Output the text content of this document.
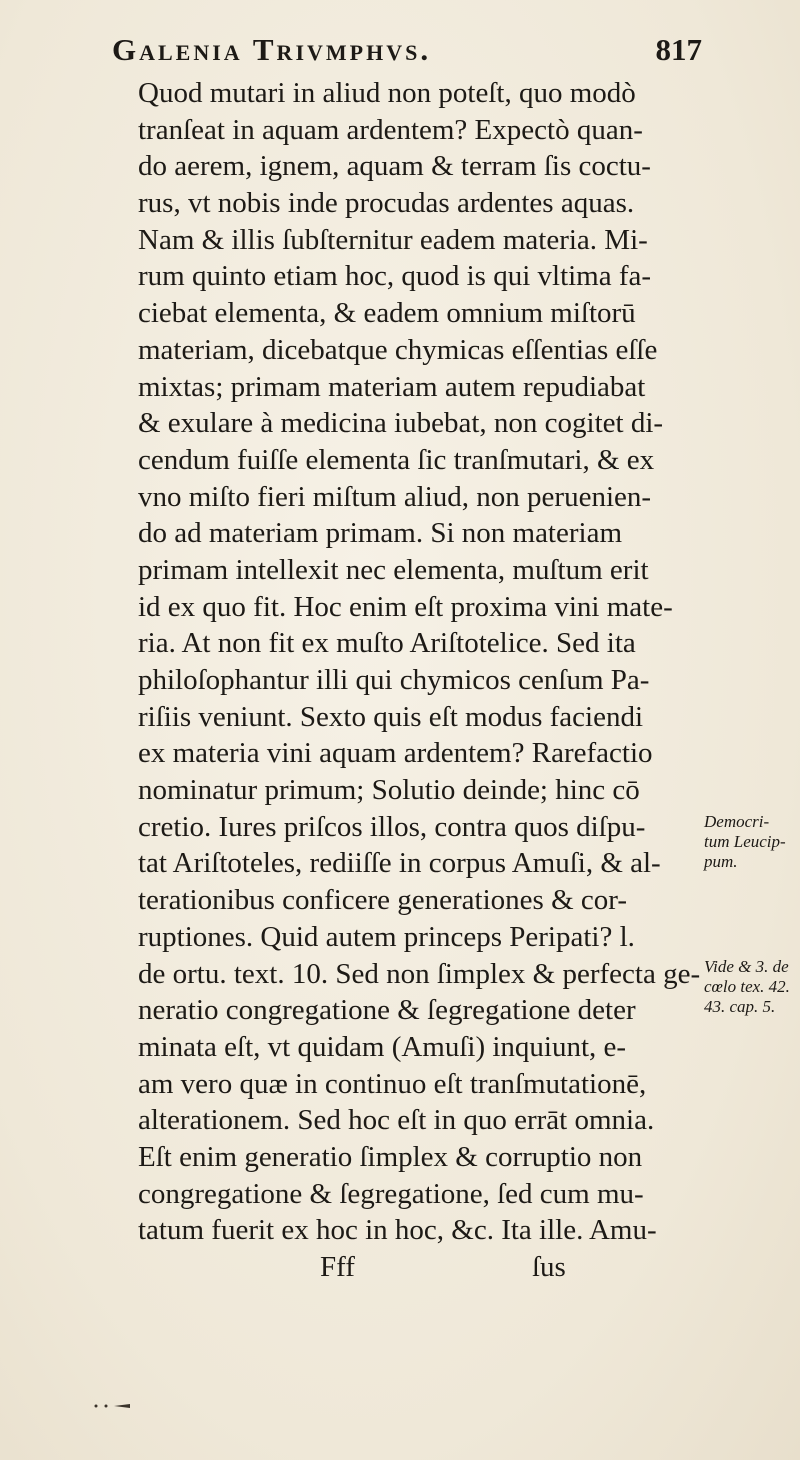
Galenia Trivmphvs.	817
Quod mutari in aliud non poteſt, quo modò
tranſeat in aquam ardentem? Expectò quan-
do aerem, ignem, aquam & terram ſis coctu-
rus, vt nobis inde procudas ardentes aquas.
Nam & illis ſubſternitur eadem materia. Mi-
rum quinto etiam hoc, quod is qui vltima fa-
ciebat elementa, & eadem omnium miſtorū
materiam, dicebatque chymicas eſſentias eſſe
mixtas; primam materiam autem repudiabat
& exulare à medicina iubebat, non cogitet di-
cendum fuiſſe elementa ſic tranſmutari, & ex
vno miſto fieri miſtum aliud, non peruenien-
do ad materiam primam. Si non materiam
primam intellexit nec elementa, muſtum erit
id ex quo fit. Hoc enim eſt proxima vini mate-
ria. At non fit ex muſto Ariſtotelice. Sed ita
philoſophantur illi qui chymicos cenſum Pa-
riſiis veniunt. Sexto quis eſt modus faciendi
ex materia vini aquam ardentem? Rarefactio
nominatur primum; Solutio deinde; hinc cō
cretio. Iures priſcos illos, contra quos diſpu-
tat Ariſtoteles, rediiſſe in corpus Amuſi, & al-
terationibus conficere generationes & cor-
ruptiones. Quid autem princeps Peripati? l.
de ortu. text. 10. Sed non ſimplex & perfecta ge-
neratio congregatione & ſegregatione deter
minata eſt, vt quidam (Amuſi) inquiunt, e-
am vero quæ in continuo eſt tranſmutationē,
alterationem. Sed hoc eſt in quo errāt omnia.
Eſt enim generatio ſimplex & corruptio non
congregatione & ſegregatione, ſed cum mu-
tatum fuerit ex hoc in hoc, &c. Ita ille. Amu-
Fff	ſus
Democri-
tum Leucip-
pum.
Vide & 3. de
cœlo tex. 42.
43. cap. 5.
